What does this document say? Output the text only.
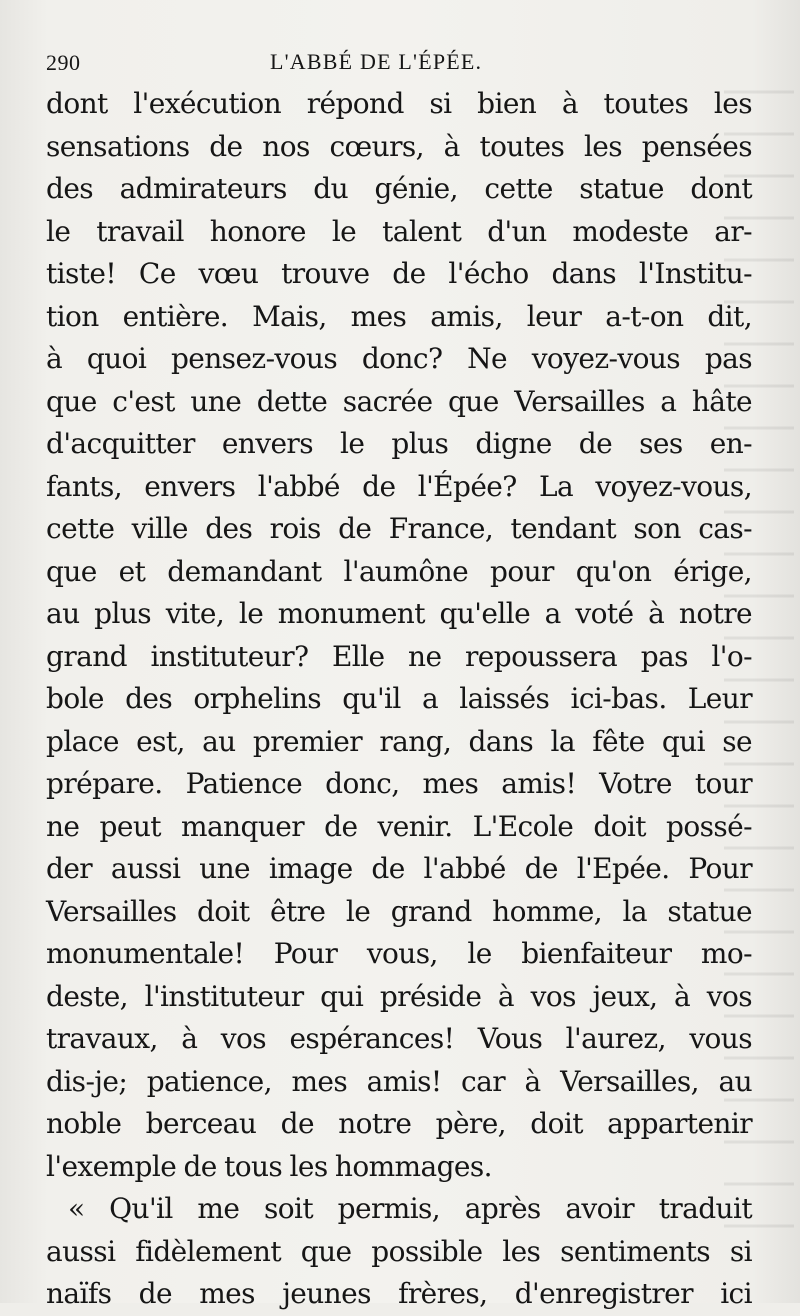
290	L'ABBÉ DE L'ÉPÉE.
dont l'exécution répond si bien à toutes les
sensations de nos cœurs, à toutes les pensées
des admirateurs du génie, cette statue dont
le travail honore le talent d'un modeste ar-
tiste! Ce vœu trouve de l'écho dans l'Institu-
tion entière. Mais, mes amis, leur a-t-on dit,
à quoi pensez-vous donc? Ne voyez-vous pas
que c'est une dette sacrée que Versailles a hâte
d'acquitter envers le plus digne de ses en-
fants, envers l'abbé de l'Épée? La voyez-vous,
cette ville des rois de France, tendant son cas-
que et demandant l'aumône pour qu'on érige,
au plus vite, le monument qu'elle a voté à notre
grand instituteur? Elle ne repoussera pas l'o-
bole des orphelins qu'il a laissés ici-bas. Leur
place est, au premier rang, dans la fête qui se
prépare. Patience donc, mes amis! Votre tour
ne peut manquer de venir. L'Ecole doit possé-
der aussi une image de l'abbé de l'Epée. Pour
Versailles doit être le grand homme, la statue
monumentale! Pour vous, le bienfaiteur mo-
deste, l'instituteur qui préside à vos jeux, à vos
travaux, à vos espérances! Vous l'aurez, vous
dis-je; patience, mes amis! car à Versailles, au
noble berceau de notre père, doit appartenir
l'exemple de tous les hommages.
« Qu'il me soit permis, après avoir traduit
aussi fidèlement que possible les sentiments si
naïfs de mes jeunes frères, d'enregistrer ici
